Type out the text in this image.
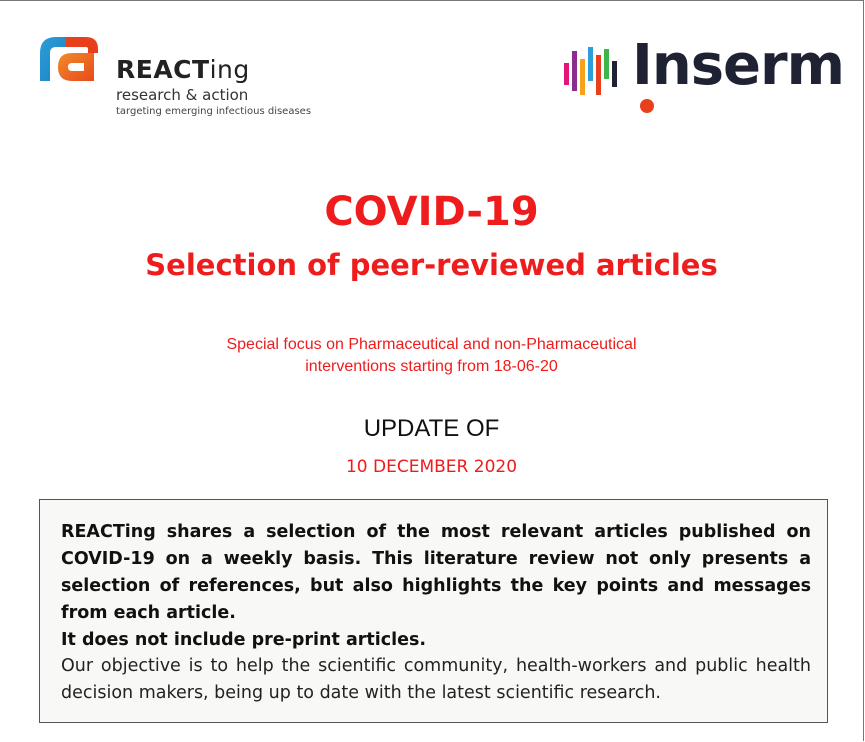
REACTing
research & action
targeting emerging infectious diseases
Inserm
COVID-19
Selection of peer-reviewed articles
Special focus on Pharmaceutical and non-Pharmaceutical
interventions starting from 18-06-20
UPDATE OF
10 DECEMBER 2020

REACTing shares a selection of the most relevant articles published on COVID-19 on a weekly basis. This literature review not only presents a selection of references, but also highlights the key points and messages from each article.

It does not include pre-print articles.

Our objective is to help the scientific community, health-workers and public health decision makers, being up to date with the latest scientific research.
